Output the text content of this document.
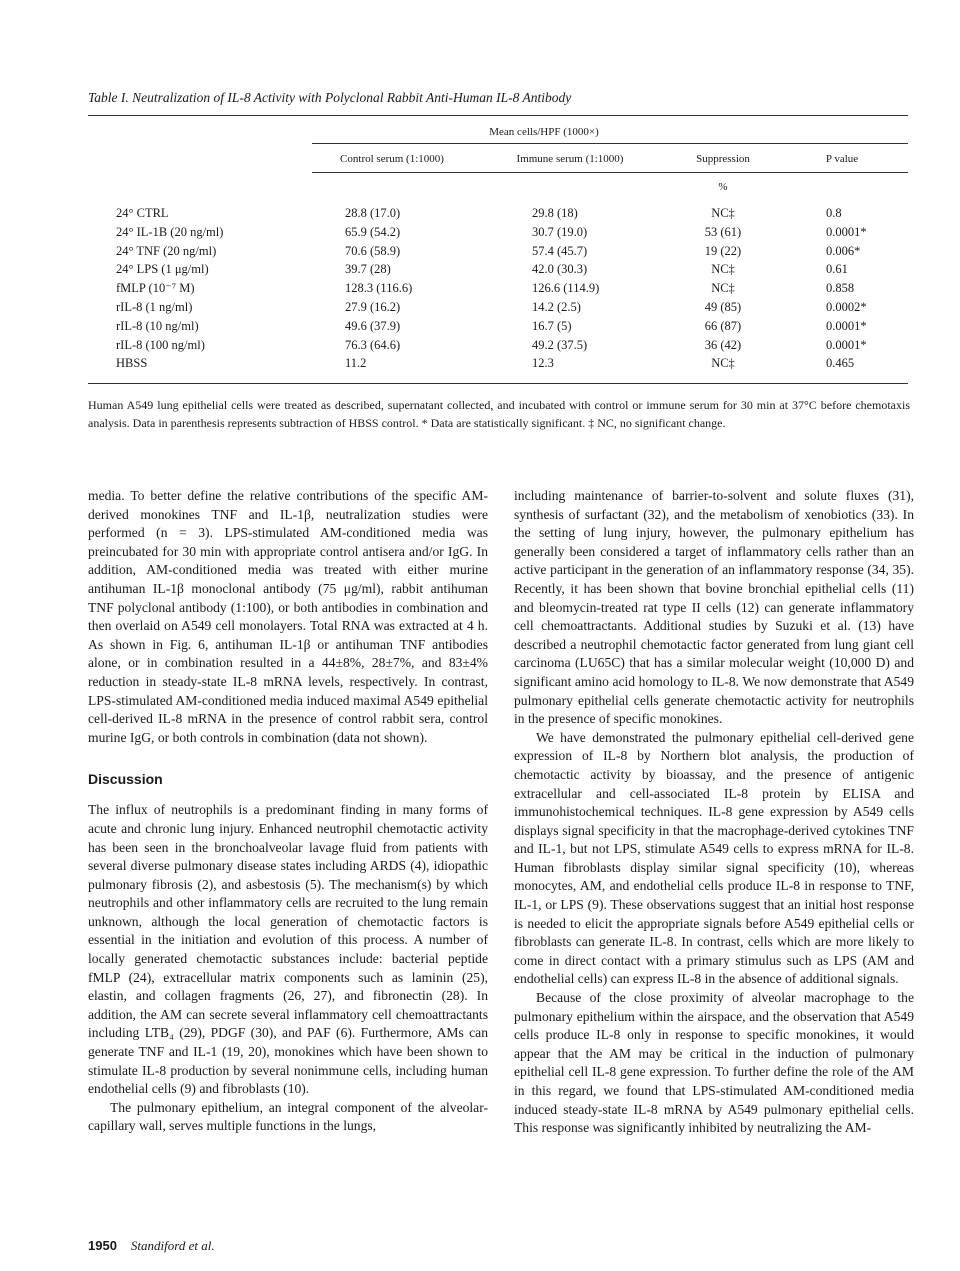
Table I. Neutralization of IL-8 Activity with Polyclonal Rabbit Anti-Human IL-8 Antibody
Mean cells/HPF (1000×)
Control serum (1:1000)	Immune serum (1:1000)	Suppression	P value
%
24° CTRL	28.8 (17.0)	29.8 (18)	NC‡	0.8
24° IL-1B (20 ng/ml)	65.9 (54.2)	30.7 (19.0)	53 (61)	0.0001*
24° TNF (20 ng/ml)	70.6 (58.9)	57.4 (45.7)	19 (22)	0.006*
24° LPS (1 μg/ml)	39.7 (28)	42.0 (30.3)	NC‡	0.61
fMLP (10⁻⁷ M)	128.3 (116.6)	126.6 (114.9)	NC‡	0.858
rIL-8 (1 ng/ml)	27.9 (16.2)	14.2 (2.5)	49 (85)	0.0002*
rIL-8 (10 ng/ml)	49.6 (37.9)	16.7 (5)	66 (87)	0.0001*
rIL-8 (100 ng/ml)	76.3 (64.6)	49.2 (37.5)	36 (42)	0.0001*
HBSS	11.2	12.3	NC‡	0.465
Human A549 lung epithelial cells were treated as described, supernatant collected, and incubated with control or immune serum for 30 min at 37°C before chemotaxis analysis. Data in parenthesis represents subtraction of HBSS control. * Data are statistically significant. ‡ NC, no significant change.

media. To better define the relative contributions of the specific AM-derived monokines TNF and IL-1β, neutralization studies were performed (n = 3). LPS-stimulated AM-conditioned media was preincubated for 30 min with appropriate control antisera and/or IgG. In addition, AM-conditioned media was treated with either murine antihuman IL-1β monoclonal antibody (75 μg/ml), rabbit antihuman TNF polyclonal antibody (1:100), or both antibodies in combination and then overlaid on A549 cell monolayers. Total RNA was extracted at 4 h. As shown in Fig. 6, antihuman IL-1β or antihuman TNF antibodies alone, or in combination resulted in a 44±8%, 28±7%, and 83±4% reduction in steady-state IL-8 mRNA levels, respectively. In contrast, LPS-stimulated AM-conditioned media induced maximal A549 epithelial cell-derived IL-8 mRNA in the presence of control rabbit sera, control murine IgG, or both controls in combination (data not shown).

Discussion

The influx of neutrophils is a predominant finding in many forms of acute and chronic lung injury. Enhanced neutrophil chemotactic activity has been seen in the bronchoalveolar lavage fluid from patients with several diverse pulmonary disease states including ARDS (4), idiopathic pulmonary fibrosis (2), and asbestosis (5). The mechanism(s) by which neutrophils and other inflammatory cells are recruited to the lung remain unknown, although the local generation of chemotactic factors is essential in the initiation and evolution of this process. A number of locally generated chemotactic substances include: bacterial peptide fMLP (24), extracellular matrix components such as laminin (25), elastin, and collagen fragments (26, 27), and fibronectin (28). In addition, the AM can secrete several inflammatory cell chemoattractants including LTB₄ (29), PDGF (30), and PAF (6). Furthermore, AMs can generate TNF and IL-1 (19, 20), monokines which have been shown to stimulate IL-8 production by several nonimmune cells, including human endothelial cells (9) and fibroblasts (10).

The pulmonary epithelium, an integral component of the alveolar-capillary wall, serves multiple functions in the lungs,

including maintenance of barrier-to-solvent and solute fluxes (31), synthesis of surfactant (32), and the metabolism of xenobiotics (33). In the setting of lung injury, however, the pulmonary epithelium has generally been considered a target of inflammatory cells rather than an active participant in the generation of an inflammatory response (34, 35). Recently, it has been shown that bovine bronchial epithelial cells (11) and bleomycin-treated rat type II cells (12) can generate inflammatory cell chemoattractants. Additional studies by Suzuki et al. (13) have described a neutrophil chemotactic factor generated from lung giant cell carcinoma (LU65C) that has a similar molecular weight (10,000 D) and significant amino acid homology to IL-8. We now demonstrate that A549 pulmonary epithelial cells generate chemotactic activity for neutrophils in the presence of specific monokines.

We have demonstrated the pulmonary epithelial cell-derived gene expression of IL-8 by Northern blot analysis, the production of chemotactic activity by bioassay, and the presence of antigenic extracellular and cell-associated IL-8 protein by ELISA and immunohistochemical techniques. IL-8 gene expression by A549 cells displays signal specificity in that the macrophage-derived cytokines TNF and IL-1, but not LPS, stimulate A549 cells to express mRNA for IL-8. Human fibroblasts display similar signal specificity (10), whereas monocytes, AM, and endothelial cells produce IL-8 in response to TNF, IL-1, or LPS (9). These observations suggest that an initial host response is needed to elicit the appropriate signals before A549 epithelial cells or fibroblasts can generate IL-8. In contrast, cells which are more likely to come in direct contact with a primary stimulus such as LPS (AM and endothelial cells) can express IL-8 in the absence of additional signals.

Because of the close proximity of alveolar macrophage to the pulmonary epithelium within the airspace, and the observation that A549 cells produce IL-8 only in response to specific monokines, it would appear that the AM may be critical in the induction of pulmonary epithelial cell IL-8 gene expression. To further define the role of the AM in this regard, we found that LPS-stimulated AM-conditioned media induced steady-state IL-8 mRNA by A549 pulmonary epithelial cells. This response was significantly inhibited by neutralizing the AM-

1950 Standiford et al.
